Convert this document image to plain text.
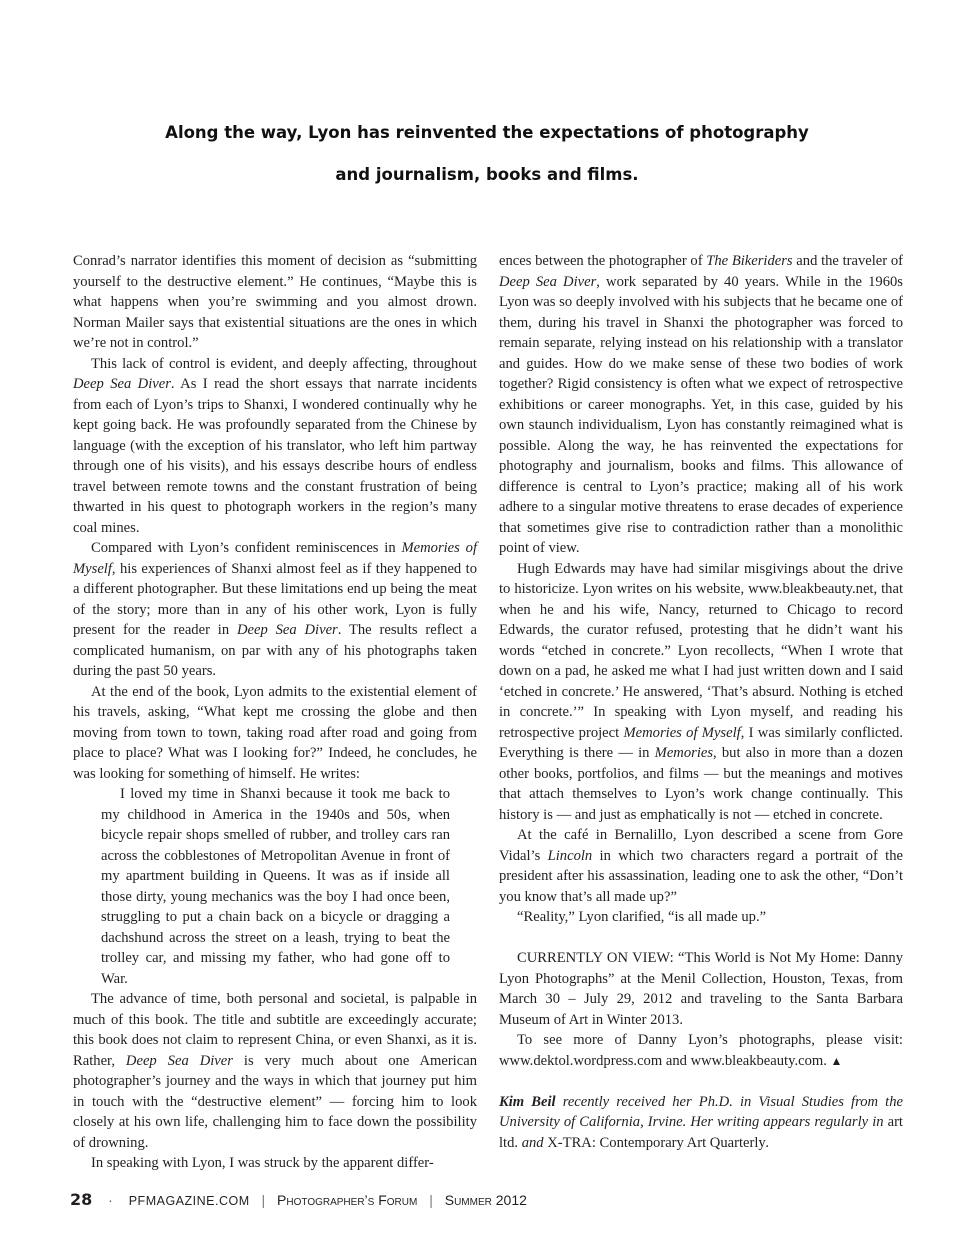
Along the way, Lyon has reinvented the expectations of photography
and journalism, books and films.

Conrad’s narrator identifies this moment of decision as “submitting yourself to the destructive element.” He continues, “Maybe this is what happens when you’re swimming and you almost drown. Norman Mailer says that existential situations are the ones in which we’re not in control.”

This lack of control is evident, and deeply affecting, throughout Deep Sea Diver. As I read the short essays that narrate incidents from each of Lyon’s trips to Shanxi, I wondered continually why he kept going back. He was profoundly separated from the Chinese by language (with the exception of his translator, who left him partway through one of his visits), and his essays describe hours of endless travel between remote towns and the constant frustration of being thwarted in his quest to photograph workers in the region’s many coal mines.

Compared with Lyon’s confident reminiscences in Memories of Myself, his experiences of Shanxi almost feel as if they happened to a different photographer. But these limitations end up being the meat of the story; more than in any of his other work, Lyon is fully present for the reader in Deep Sea Diver. The results reflect a complicated humanism, on par with any of his photographs taken during the past 50 years.

At the end of the book, Lyon admits to the existential element of his travels, asking, “What kept me crossing the globe and then moving from town to town, taking road after road and going from place to place? What was I looking for?” Indeed, he concludes, he was looking for something of himself. He writes:

I loved my time in Shanxi because it took me back to my childhood in America in the 1940s and 50s, when bicycle repair shops smelled of rubber, and trolley cars ran across the cobblestones of Metropolitan Avenue in front of my apartment building in Queens. It was as if inside all those dirty, young mechanics was the boy I had once been, struggling to put a chain back on a bicycle or dragging a dachshund across the street on a leash, trying to beat the trolley car, and missing my father, who had gone off to War.

The advance of time, both personal and societal, is palpable in much of this book. The title and subtitle are exceedingly accurate; this book does not claim to represent China, or even Shanxi, as it is. Rather, Deep Sea Diver is very much about one American photographer’s journey and the ways in which that journey put him in touch with the “destructive element” — forcing him to look closely at his own life, challenging him to face down the possibility of drowning.

In speaking with Lyon, I was struck by the apparent differ-

ences between the photographer of The Bikeriders and the traveler of Deep Sea Diver, work separated by 40 years. While in the 1960s Lyon was so deeply involved with his subjects that he became one of them, during his travel in Shanxi the photographer was forced to remain separate, relying instead on his relationship with a translator and guides. How do we make sense of these two bodies of work together? Rigid consistency is often what we expect of retrospective exhibitions or career monographs. Yet, in this case, guided by his own staunch individualism, Lyon has constantly reimagined what is possible. Along the way, he has reinvented the expectations for photography and journalism, books and films. This allowance of difference is central to Lyon’s practice; making all of his work adhere to a singular motive threatens to erase decades of experience that sometimes give rise to contradiction rather than a monolithic point of view.

Hugh Edwards may have had similar misgivings about the drive to historicize. Lyon writes on his website, www.bleakbeauty.net, that when he and his wife, Nancy, returned to Chicago to record Edwards, the curator refused, protesting that he didn’t want his words “etched in concrete.” Lyon recollects, “When I wrote that down on a pad, he asked me what I had just written down and I said ‘etched in concrete.’ He answered, ‘That’s absurd. Nothing is etched in concrete.’” In speaking with Lyon myself, and reading his retrospective project Memories of Myself, I was similarly conflicted. Everything is there — in Memories, but also in more than a dozen other books, portfolios, and films — but the meanings and motives that attach themselves to Lyon’s work change continually. This history is — and just as emphatically is not — etched in concrete.

At the café in Bernalillo, Lyon described a scene from Gore Vidal’s Lincoln in which two characters regard a portrait of the president after his assassination, leading one to ask the other, “Don’t you know that’s all made up?”

“Reality,” Lyon clarified, “is all made up.”

CURRENTLY ON VIEW: “This World is Not My Home: Danny Lyon Photographs” at the Menil Collection, Houston, Texas, from March 30 – July 29, 2012 and traveling to the Santa Barbara Museum of Art in Winter 2013.

To see more of Danny Lyon’s photographs, please visit: www.dektol.wordpress.com and www.bleakbeauty.com. ▲

Kim Beil recently received her Ph.D. in Visual Studies from the University of California, Irvine. Her writing appears regularly in art ltd. and X-TRA: Contemporary Art Quarterly.

28 · PFMAGAZINE.COM | Photographer’s Forum | Summer 2012
